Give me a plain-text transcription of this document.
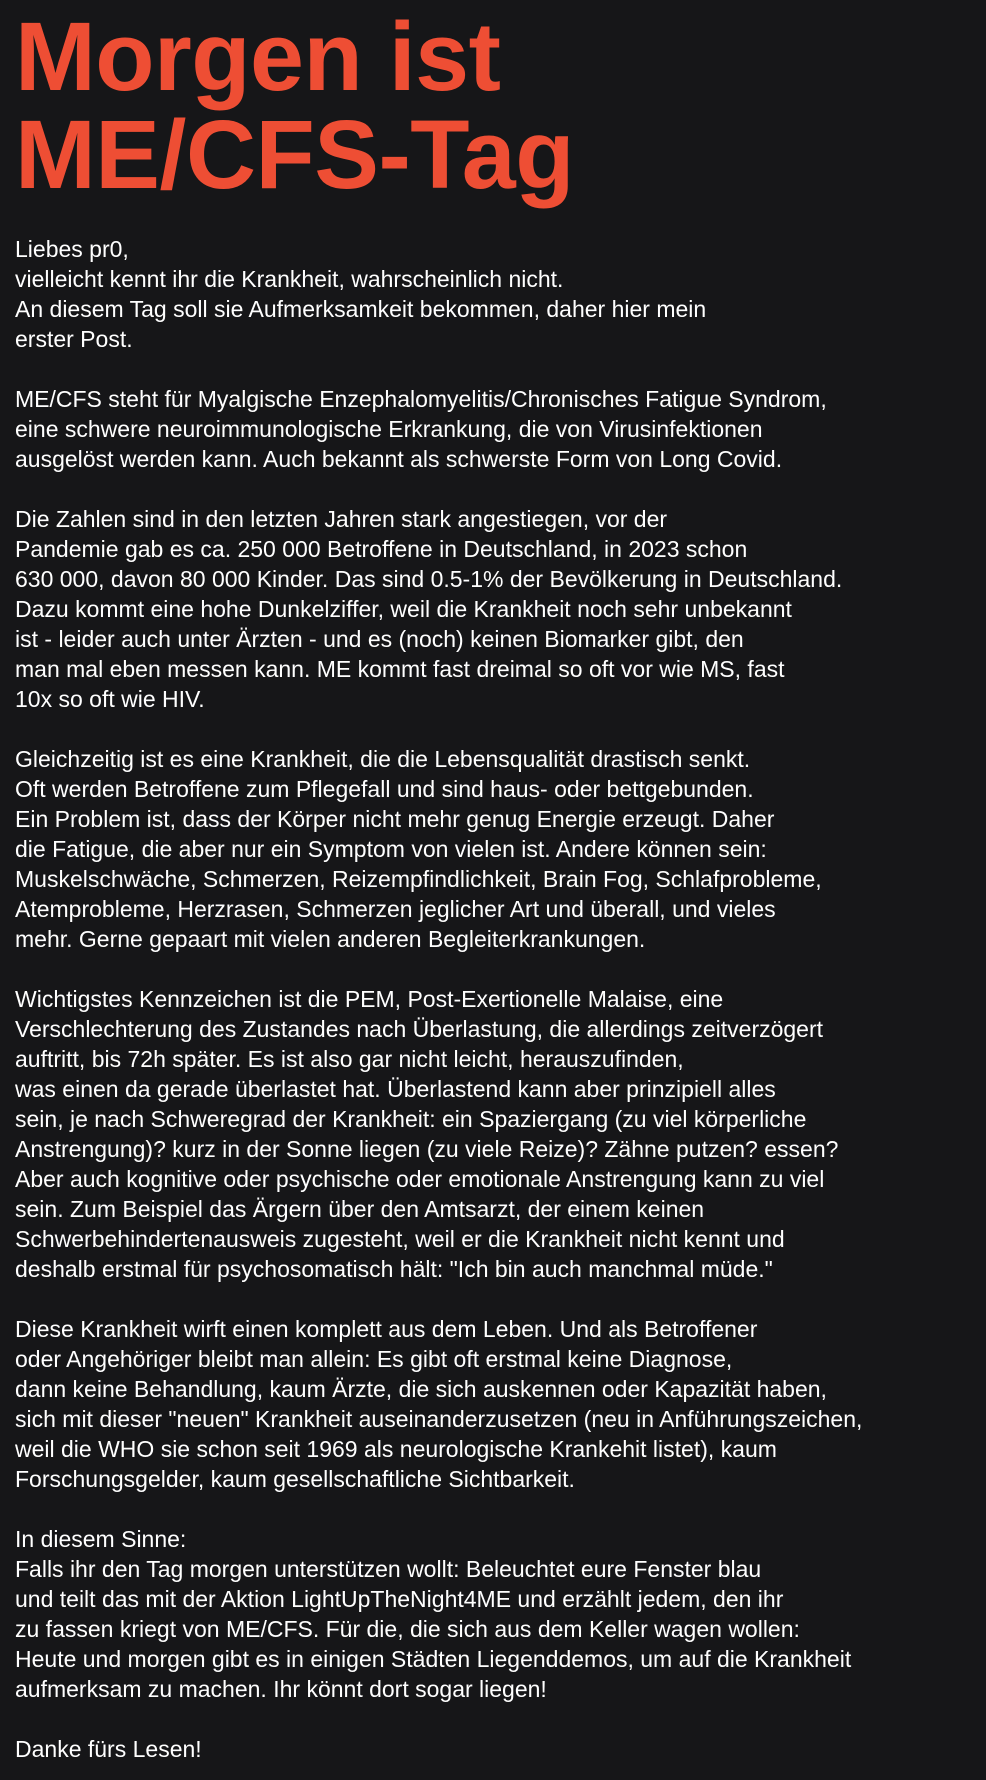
Morgen ist
ME/CFS-Tag

Liebes pr0,
vielleicht kennt ihr die Krankheit, wahrscheinlich nicht.
An diesem Tag soll sie Aufmerksamkeit bekommen, daher hier mein
erster Post.

ME/CFS steht für Myalgische Enzephalomyelitis/Chronisches Fatigue Syndrom,
eine schwere neuroimmunologische Erkrankung, die von Virusinfektionen
ausgelöst werden kann. Auch bekannt als schwerste Form von Long Covid.

Die Zahlen sind in den letzten Jahren stark angestiegen, vor der
Pandemie gab es ca. 250 000 Betroffene in Deutschland, in 2023 schon
630 000, davon 80 000 Kinder. Das sind 0.5-1% der Bevölkerung in Deutschland.
Dazu kommt eine hohe Dunkelziffer, weil die Krankheit noch sehr unbekannt
ist - leider auch unter Ärzten - und es (noch) keinen Biomarker gibt, den
man mal eben messen kann. ME kommt fast dreimal so oft vor wie MS, fast
10x so oft wie HIV.

Gleichzeitig ist es eine Krankheit, die die Lebensqualität drastisch senkt.
Oft werden Betroffene zum Pflegefall und sind haus- oder bettgebunden.
Ein Problem ist, dass der Körper nicht mehr genug Energie erzeugt. Daher
die Fatigue, die aber nur ein Symptom von vielen ist. Andere können sein:
Muskelschwäche, Schmerzen, Reizempfindlichkeit, Brain Fog, Schlafprobleme,
Atemprobleme, Herzrasen, Schmerzen jeglicher Art und überall, und vieles
mehr. Gerne gepaart mit vielen anderen Begleiterkrankungen.

Wichtigstes Kennzeichen ist die PEM, Post-Exertionelle Malaise, eine
Verschlechterung des Zustandes nach Überlastung, die allerdings zeitverzögert
auftritt, bis 72h später. Es ist also gar nicht leicht, herauszufinden,
was einen da gerade überlastet hat. Überlastend kann aber prinzipiell alles
sein, je nach Schweregrad der Krankheit: ein Spaziergang (zu viel körperliche
Anstrengung)? kurz in der Sonne liegen (zu viele Reize)? Zähne putzen? essen?
Aber auch kognitive oder psychische oder emotionale Anstrengung kann zu viel
sein. Zum Beispiel das Ärgern über den Amtsarzt, der einem keinen
Schwerbehindertenausweis zugesteht, weil er die Krankheit nicht kennt und
deshalb erstmal für psychosomatisch hält: "Ich bin auch manchmal müde."

Diese Krankheit wirft einen komplett aus dem Leben. Und als Betroffener
oder Angehöriger bleibt man allein: Es gibt oft erstmal keine Diagnose,
dann keine Behandlung, kaum Ärzte, die sich auskennen oder Kapazität haben,
sich mit dieser "neuen" Krankheit auseinanderzusetzen (neu in Anführungszeichen,
weil die WHO sie schon seit 1969 als neurologische Krankehit listet), kaum
Forschungsgelder, kaum gesellschaftliche Sichtbarkeit.

In diesem Sinne:
Falls ihr den Tag morgen unterstützen wollt: Beleuchtet eure Fenster blau
und teilt das mit der Aktion LightUpTheNight4ME und erzählt jedem, den ihr
zu fassen kriegt von ME/CFS. Für die, die sich aus dem Keller wagen wollen:
Heute und morgen gibt es in einigen Städten Liegenddemos, um auf die Krankheit
aufmerksam zu machen. Ihr könnt dort sogar liegen!

Danke fürs Lesen!
